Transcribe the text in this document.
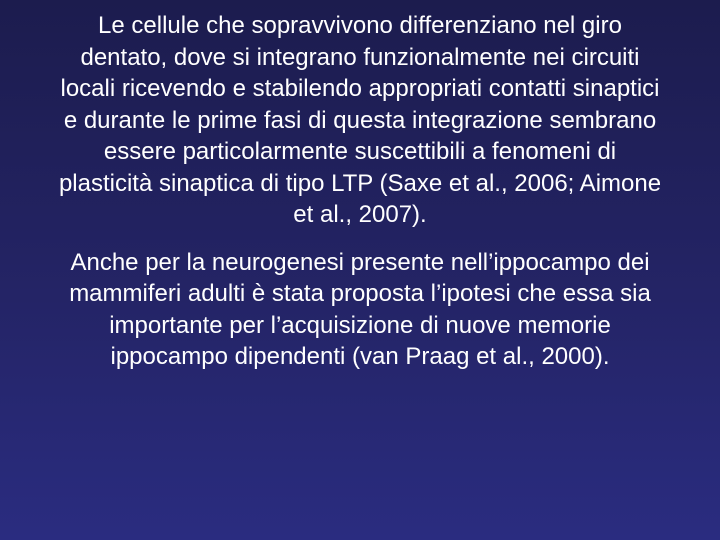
Le cellule che sopravvivono differenziano nel giro
dentato, dove si integrano funzionalmente nei circuiti
locali ricevendo e stabilendo appropriati contatti sinaptici
e durante le prime fasi di questa integrazione sembrano
essere particolarmente suscettibili a fenomeni di
plasticità sinaptica di tipo LTP (Saxe et al., 2006; Aimone
et al., 2007).

Anche per la neurogenesi presente nell’ippocampo dei
mammiferi adulti è stata proposta l’ipotesi che essa sia
importante per l’acquisizione di nuove memorie
ippocampo dipendenti (van Praag et al., 2000).
